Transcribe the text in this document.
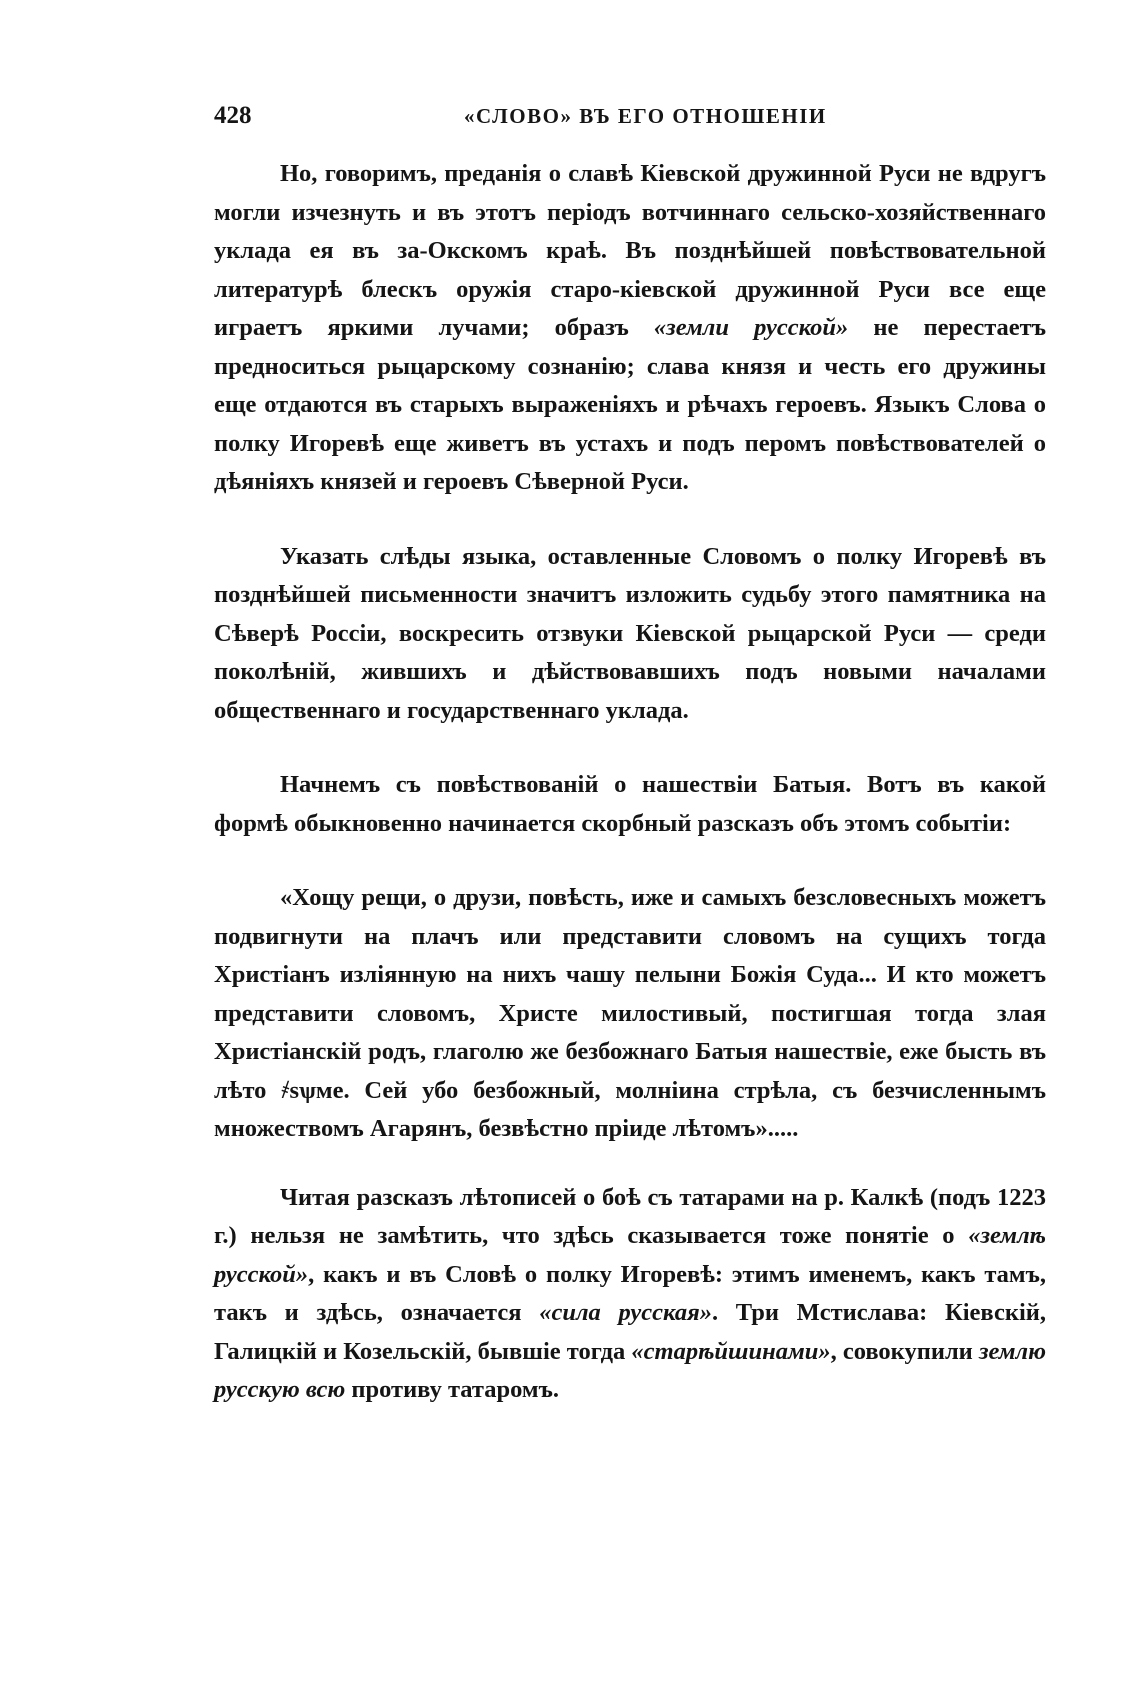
428	«СЛОВО» ВЪ ЕГО ОТНОШЕНІИ

Но, говоримъ, преданія о славѣ Кіевской дружинной Руси не вдругъ могли изчезнуть и въ этотъ періодъ вотчиннаго сельско-хозяйственнаго уклада ея въ за-Окскомъ краѣ. Въ позднѣйшей повѣствовательной литературѣ блескъ оружія старо-кіевской дружинной Руси все еще играетъ яркими лучами; образъ «земли русской» не перестаетъ предноситься рыцарскому сознанію; слава князя и честь его дружины еще отдаются въ старыхъ выраженіяхъ и рѣчахъ героевъ. Языкъ Слова о полку Игоревѣ еще живетъ въ устахъ и подъ перомъ повѣствователей о дѣяніяхъ князей и героевъ Сѣверной Руси.

Указать слѣды языка, оставленные Словомъ о полку Игоревѣ въ позднѣйшей письменности значитъ изложить судьбу этого памятника на Сѣверѣ Россіи, воскресить отзвуки Кіевской рыцарской Руси — среди поколѣній, жившихъ и дѣйствовавшихъ подъ новыми началами общественнаго и государственнаго уклада.

Начнемъ съ повѣствованій о нашествіи Батыя. Вотъ въ какой формѣ обыкновенно начинается скорбный разсказъ объ этомъ событіи:

«Хощу рещи, о друзи, повѣсть, иже и самыхъ безсловесныхъ можетъ подвигнути на плачъ или представити словомъ на сущихъ тогда Христіанъ изліянную на нихъ чашу пелыни Божія Суда... И кто можетъ представити словомъ, Христе милостивый, постигшая тогда злая Христіанскій родъ, глаголю же безбожнаго Батыя нашествіе, еже бысть въ лѣто ҂ѕѱме. Сей убо безбожный, молніина стрѣла, съ безчисленнымъ множествомъ Агарянъ, безвѣстно пріиде лѣтомъ».....

Читая разсказъ лѣтописей о боѣ съ татарами на р. Калкѣ (подъ 1223 г.) нельзя не замѣтить, что здѣсь сказывается тоже понятіе о «землѣ русской», какъ и въ Словѣ о полку Игоревѣ: этимъ именемъ, какъ тамъ, такъ и здѣсь, означается «сила русская». Три Мстислава: Кіевскій, Галицкій и Козельскій, бывшіе тогда «старѣйшинами», совокупили землю русскую всю противу татаромъ.
